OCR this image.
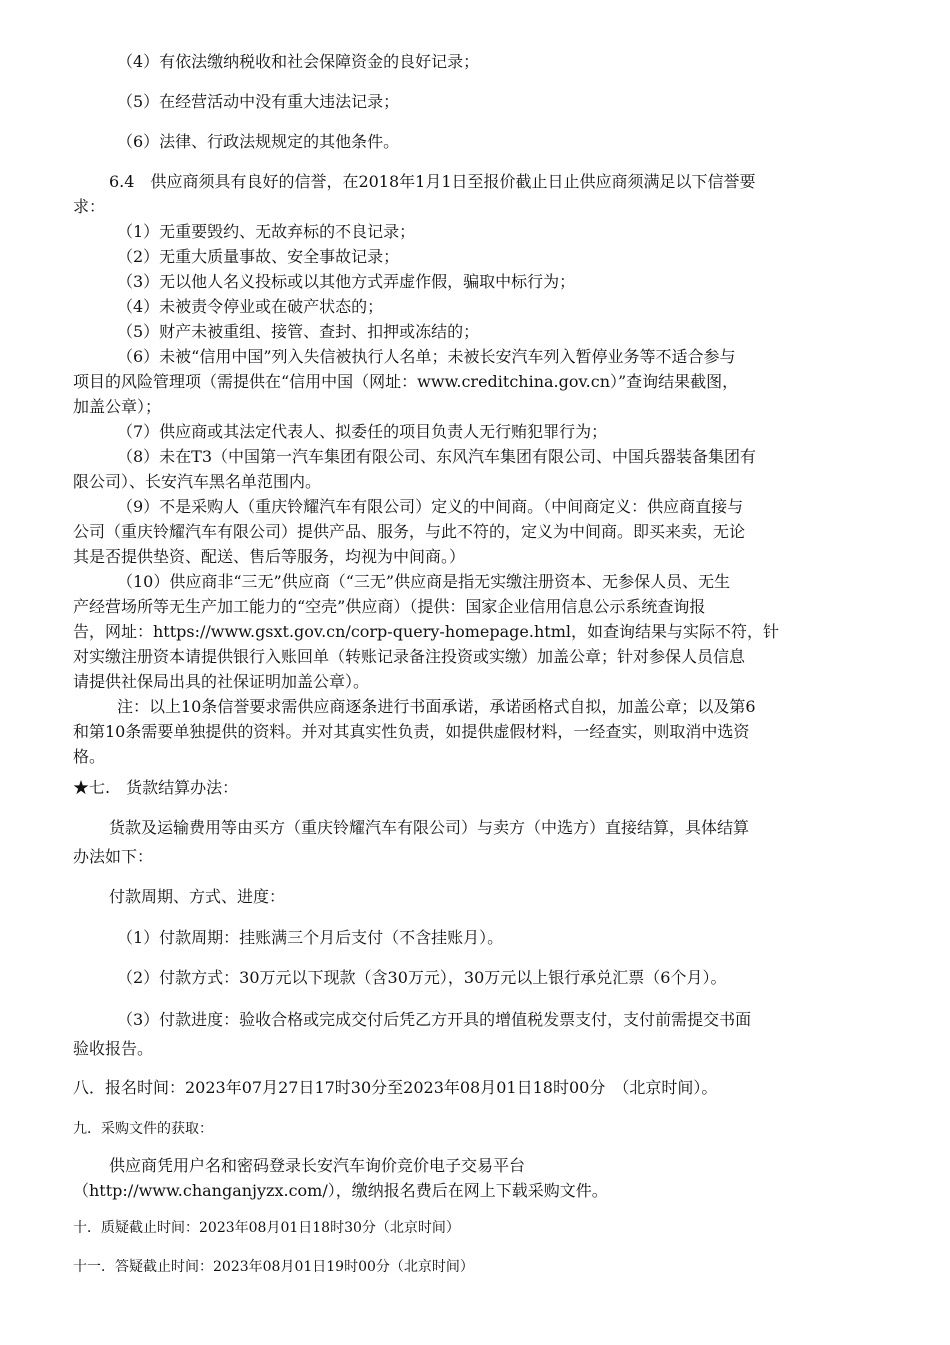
（4）有依法缴纳税收和社会保障资金的良好记录；
（5）在经营活动中没有重大违法记录；
（6）法律、行政法规规定的其他条件。
6.4　供应商须具有良好的信誉，在2018年1月1日至报价截止日止供应商须满足以下信誉要
求：
（1）无重要毁约、无故弃标的不良记录；
（2）无重大质量事故、安全事故记录；
（3）无以他人名义投标或以其他方式弄虚作假，骗取中标行为；
（4）未被责令停业或在破产状态的；
（5）财产未被重组、接管、查封、扣押或冻结的；
（6）未被“信用中国”列入失信被执行人名单；未被长安汽车列入暂停业务等不适合参与
项目的风险管理项（需提供在“信用中国（网址：www.creditchina.gov.cn）”查询结果截图，
加盖公章）；
（7）供应商或其法定代表人、拟委任的项目负责人无行贿犯罪行为；
（8）未在T3（中国第一汽车集团有限公司、东风汽车集团有限公司、中国兵器装备集团有
限公司）、长安汽车黑名单范围内。
（9）不是采购人（重庆铃耀汽车有限公司）定义的中间商。（中间商定义：供应商直接与
公司（重庆铃耀汽车有限公司）提供产品、服务，与此不符的，定义为中间商。即买来卖，无论
其是否提供垫资、配送、售后等服务，均视为中间商。）
（10）供应商非“三无”供应商（“三无”供应商是指无实缴注册资本、无参保人员、无生
产经营场所等无生产加工能力的“空壳”供应商）（提供：国家企业信用信息公示系统查询报
告，网址：https://www.gsxt.gov.cn/corp-query-homepage.html，如查询结果与实际不符，针
对实缴注册资本请提供银行入账回单（转账记录备注投资或实缴）加盖公章；针对参保人员信息
请提供社保局出具的社保证明加盖公章）。
注：以上10条信誉要求需供应商逐条进行书面承诺，承诺函格式自拟，加盖公章；以及第6
和第10条需要单独提供的资料。并对其真实性负责，如提供虚假材料，一经查实，则取消中选资
格。
★七.　货款结算办法：
货款及运输费用等由买方（重庆铃耀汽车有限公司）与卖方（中选方）直接结算，具体结算
办法如下：
付款周期、方式、进度：
（1）付款周期：挂账满三个月后支付（不含挂账月）。
（2）付款方式：30万元以下现款（含30万元），30万元以上银行承兑汇票（6个月）。
（3）付款进度：验收合格或完成交付后凭乙方开具的增值税发票支付，支付前需提交书面
验收报告。
八．报名时间：2023年07月27日17时30分至2023年08月01日18时00分　（北京时间）。
九．采购文件的获取：
供应商凭用户名和密码登录长安汽车询价竞价电子交易平台
（http://www.changanjyzx.com/），缴纳报名费后在网上下载采购文件。
十．质疑截止时间：2023年08月01日18时30分（北京时间）
十一．答疑截止时间：2023年08月01日19时00分（北京时间）
